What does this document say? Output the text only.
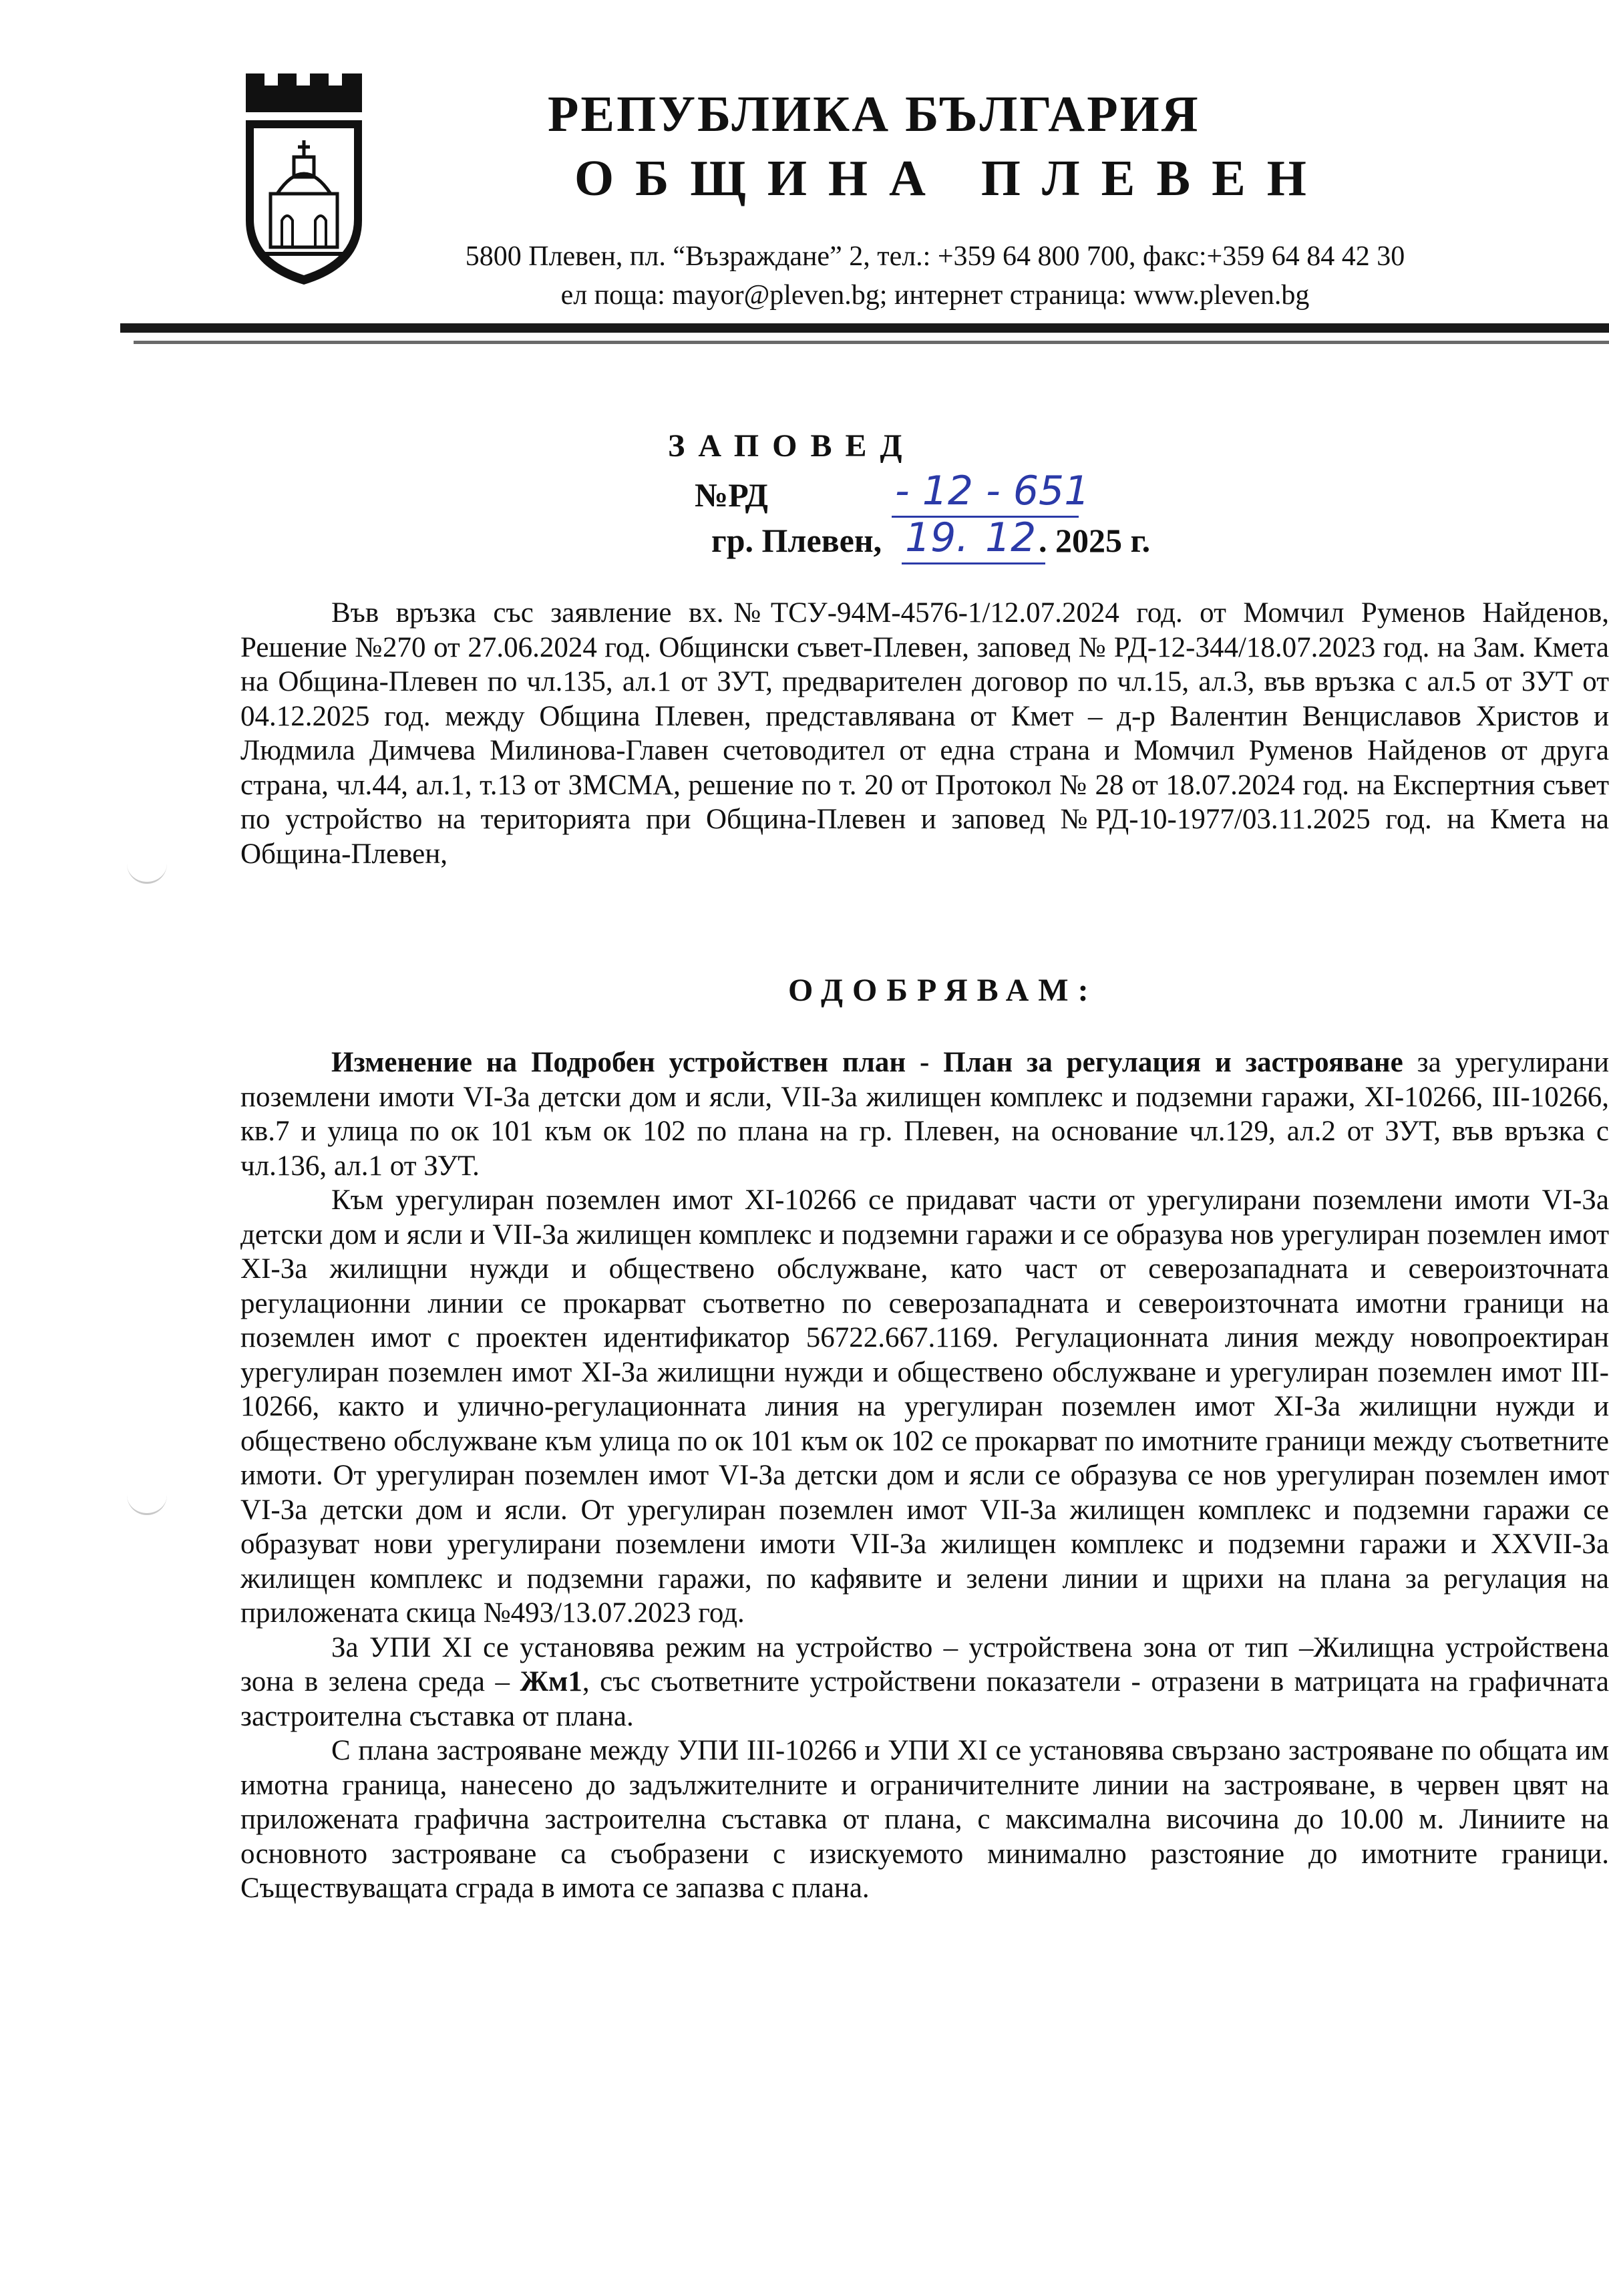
РЕПУБЛИКА БЪЛГАРИЯ
ОБЩИНА ПЛЕВЕН
5800 Плевен, пл. “Възраждане” 2, тел.: +359 64 800 700, факс:+359 64 84 42 30
ел поща: mayor@pleven.bg; интернет страница: www.pleven.bg
ЗАПОВЕД
№РД	- 12 - 651
гр. Плевен, 19. 12 . 2025 г.

Във връзка със заявление вх.№ТСУ-94М-4576-1/12.07.2024 год. от Момчил Руменов Найденов, Решение №270 от 27.06.2024 год. Общински съвет-Плевен, заповед № РД-12-344/18.07.2023 год. на Зам. Кмета на Община-Плевен по чл.135, ал.1 от ЗУТ, предварителен договор по чл.15, ал.3, във връзка с ал.5 от ЗУТ от 04.12.2025 год. между Община Плевен, представлявана от Кмет – д-р Валентин Венциславов Христов и Людмила Димчева Милинова-Главен счетоводител от една страна и Момчил Руменов Найденов от друга страна, чл.44, ал.1, т.13 от ЗМСМА, решение по т. 20 от Протокол № 28 от 18.07.2024 год. на Експертния съвет по устройство на територията при Община-Плевен и заповед №РД-10-1977/03.11.2025 год. на Кмета на Община-Плевен,

ОДОБРЯВАМ:

Изменение на Подробен устройствен план - План за регулация и застрояване за урегулирани поземлени имоти VI-За детски дом и ясли, VII-За жилищен комплекс и подземни гаражи, XI-10266, III-10266, кв.7 и улица по ок 101 към ок 102 по плана на гр. Плевен, на основание чл.129, ал.2 от ЗУТ, във връзка с чл.136, ал.1 от ЗУТ.

Към урегулиран поземлен имот XI-10266 се придават части от урегулирани поземлени имоти VI-За детски дом и ясли и VII-За жилищен комплекс и подземни гаражи и се образува нов урегулиран поземлен имот XI-За жилищни нужди и обществено обслужване, като част от северозападната и североизточната регулационни линии се прокарват съответно по северозападната и североизточната имотни граници на поземлен имот с проектен идентификатор 56722.667.1169. Регулационната линия между новопроектиран урегулиран поземлен имот XI-За жилищни нужди и обществено обслужване и урегулиран поземлен имот III-10266, както и улично-регулационната линия на урегулиран поземлен имот XI-За жилищни нужди и обществено обслужване към улица по ок 101 към ок 102 се прокарват по имотните граници между съответните имоти. От урегулиран поземлен имот VI-За детски дом и ясли се образува се нов урегулиран поземлен имот VI-За детски дом и ясли. От урегулиран поземлен имот VII-За жилищен комплекс и подземни гаражи се образуват нови урегулирани поземлени имоти VII-За жилищен комплекс и подземни гаражи и XXVII-За жилищен комплекс и подземни гаражи, по кафявите и зелени линии и щрихи на плана за регулация на приложената скица №493/13.07.2023 год.

За УПИ XI се установява режим на устройство – устройствена зона от тип –Жилищна устройствена зона в зелена среда – Жм1, със съответните устройствени показатели - отразени в матрицата на графичната застроителна съставка от плана.

С плана застрояване между УПИ III-10266 и УПИ XI се установява свързано застрояване по общата им имотна граница, нанесено до задължителните и ограничителните линии на застрояване, в червен цвят на приложената графична застроителна съставка от плана, с максимална височина до 10.00 м. Линиите на основното застрояване са съобразени с изискуемото минимално разстояние до имотните граници. Съществуващата сграда в имота се запазва с плана.
